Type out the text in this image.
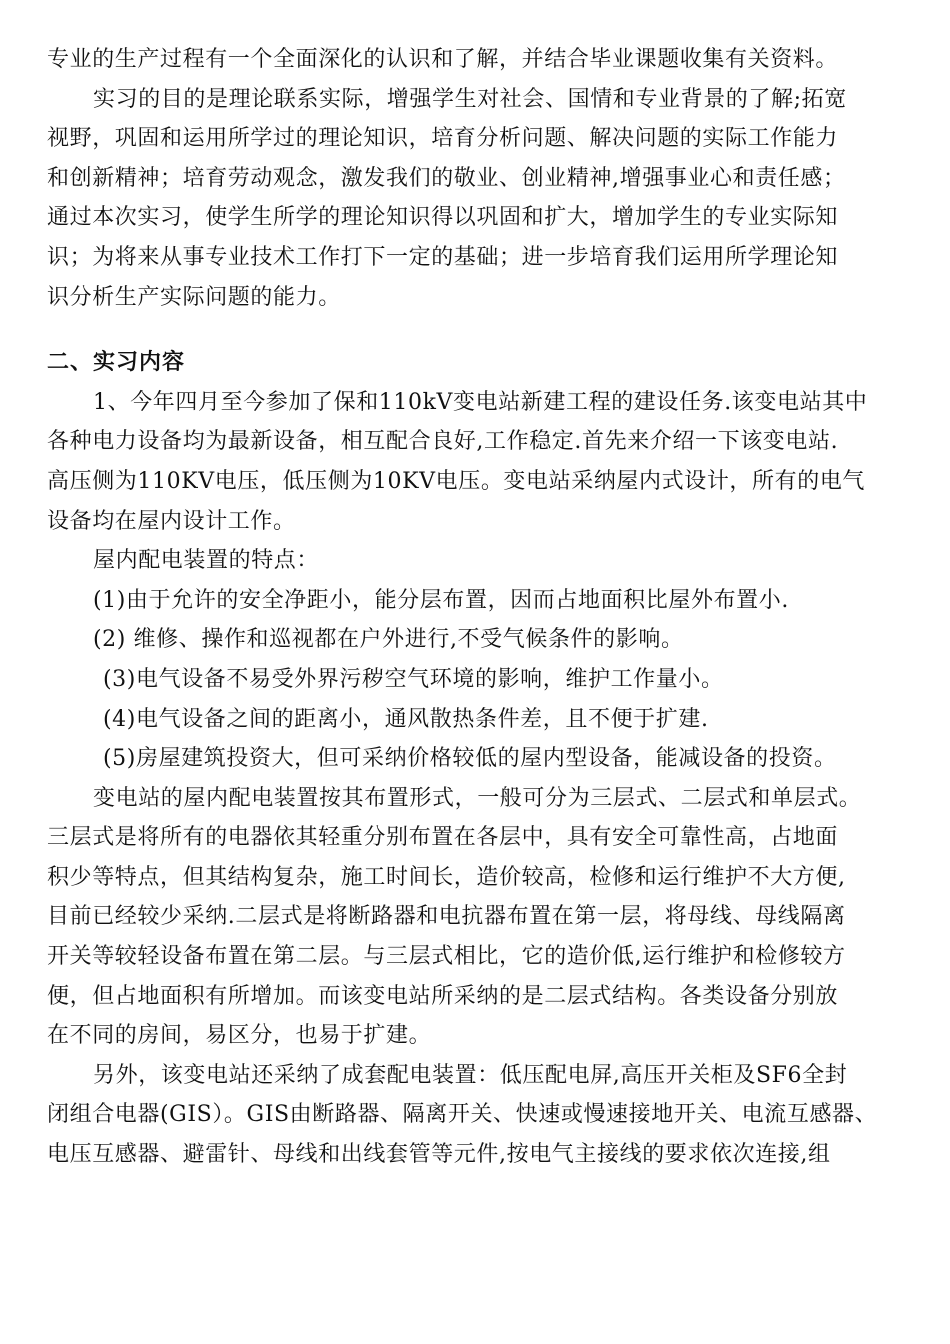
专业的生产过程有一个全面深化的认识和了解，并结合毕业课题收集有关资料。
实习的目的是理论联系实际，增强学生对社会、国情和专业背景的了解;拓宽
视野，巩固和运用所学过的理论知识，培育分析问题、解决问题的实际工作能力
和创新精神；培育劳动观念，激发我们的敬业、创业精神,增强事业心和责任感；
通过本次实习，使学生所学的理论知识得以巩固和扩大，增加学生的专业实际知
识；为将来从事专业技术工作打下一定的基础；进一步培育我们运用所学理论知
识分析生产实际问题的能力。
二、实习内容
1、今年四月至今参加了保和110kV变电站新建工程的建设任务.该变电站其中
各种电力设备均为最新设备，相互配合良好,工作稳定.首先来介绍一下该变电站.
高压侧为110KV电压，低压侧为10KV电压。变电站采纳屋内式设计，所有的电气
设备均在屋内设计工作。
屋内配电装置的特点：
(1)由于允许的安全净距小，能分层布置，因而占地面积比屋外布置小.
(2) 维修、操作和巡视都在户外进行,不受气候条件的影响。
(3)电气设备不易受外界污秽空气环境的影响，维护工作量小。
(4)电气设备之间的距离小，通风散热条件差，且不便于扩建.
(5)房屋建筑投资大，但可采纳价格较低的屋内型设备，能减设备的投资。
变电站的屋内配电装置按其布置形式，一般可分为三层式、二层式和单层式。
三层式是将所有的电器依其轻重分别布置在各层中，具有安全可靠性高，占地面
积少等特点，但其结构复杂，施工时间长，造价较高，检修和运行维护不大方便,
目前已经较少采纳.二层式是将断路器和电抗器布置在第一层，将母线、母线隔离
开关等较轻设备布置在第二层。与三层式相比，它的造价低,运行维护和检修较方
便，但占地面积有所增加。而该变电站所采纳的是二层式结构。各类设备分别放
在不同的房间，易区分，也易于扩建。
另外，该变电站还采纳了成套配电装置：低压配电屏,高压开关柜及SF6全封
闭组合电器(GIS）。GIS由断路器、隔离开关、快速或慢速接地开关、电流互感器、
电压互感器、避雷针、母线和出线套管等元件,按电气主接线的要求依次连接,组
